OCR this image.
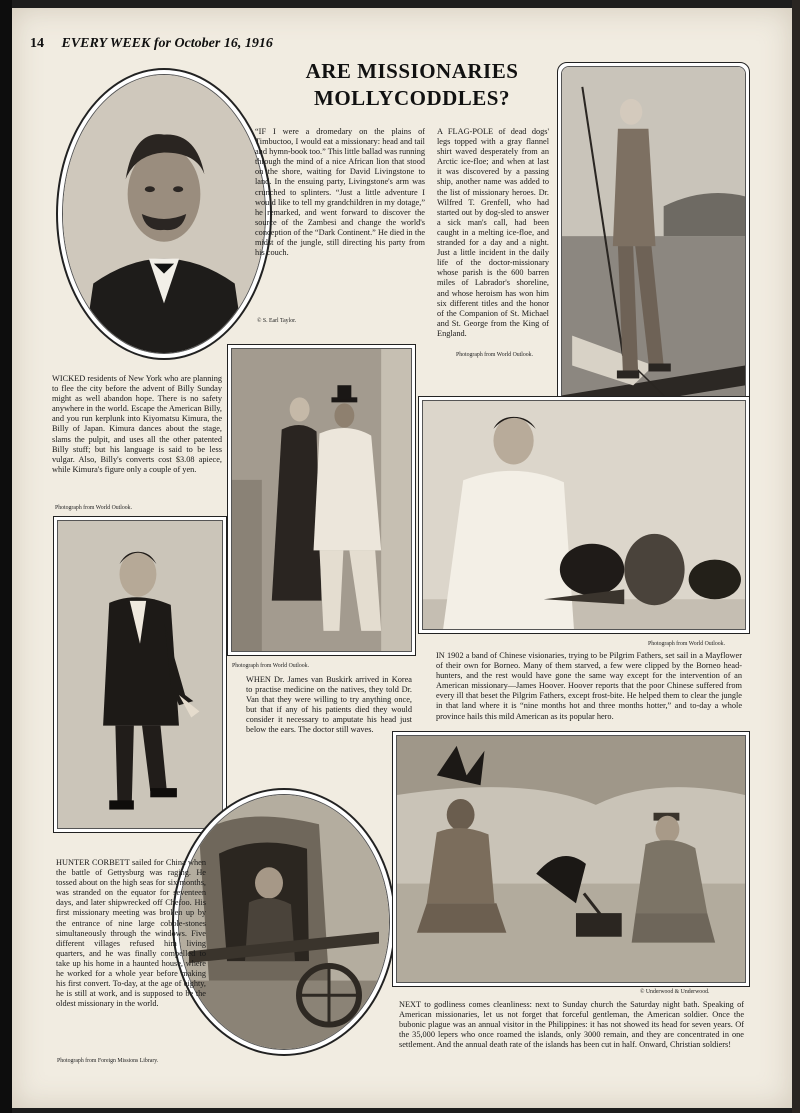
14 EVERY WEEK for October 16, 1916
ARE MISSIONARIES
MOLLYCODDLES?
“IF I were a dromedary on the plains of Timbuctoo, I would eat a missionary: head and tail and hymn-book too.” This little ballad was running through the mind of a nice African lion that stood on the shore, waiting for David Livingstone to land. In the ensuing party, Livingstone's arm was crunched to splinters. “Just a little adventure I would like to tell my grandchildren in my dotage,” he remarked, and went forward to discover the source of the Zambesi and change the world's conception of the “Dark Continent.” He died in the midst of the jungle, still directing his party from his couch.
© S. Earl Taylor.
A FLAG-POLE of dead dogs' legs topped with a gray flannel shirt waved desperately from an Arctic ice-floe; and when at last it was discovered by a passing ship, another name was added to the list of missionary heroes. Dr. Wilfred T. Grenfell, who had started out by dog-sled to answer a sick man's call, had been caught in a melting ice-floe, and stranded for a day and a night. Just a little incident in the daily life of the doctor-missionary whose parish is the 600 barren miles of Labrador's shoreline, and whose heroism has won him six different titles and the honor of the Companion of St. Michael and St. George from the King of England.
Photograph from World Outlook.
WICKED residents of New York who are planning to flee the city before the advent of Billy Sunday might as well abandon hope. There is no safety anywhere in the world. Escape the American Billy, and you run kerplunk into Kiyomatsu Kimura, the Billy of Japan. Kimura dances about the stage, slams the pulpit, and uses all the other patented Billy stuff; but his language is said to be less vulgar. Also, Billy's converts cost $3.08 apiece, while Kimura's figure only a couple of yen.
Photograph from World Outlook.
Photograph from World Outlook.
WHEN Dr. James van Buskirk arrived in Korea to practise medicine on the natives, they told Dr. Van that they were willing to try anything once, but that if any of his patients died they would consider it necessary to amputate his head just below the ears. The doctor still waves.
Photograph from World Outlook.
IN 1902 a band of Chinese visionaries, trying to be Pilgrim Fathers, set sail in a Mayflower of their own for Borneo. Many of them starved, a few were clipped by the Borneo head-hunters, and the rest would have gone the same way except for the intervention of an American missionary—James Hoover. Hoover reports that the poor Chinese suffered from every ill that beset the Pilgrim Fathers, except frost-bite. He helped them to clear the jungle in that land where it is “nine months hot and three months hotter,” and to-day a whole province hails this mild American as its popular hero.
HUNTER CORBETT sailed for China when the battle of Gettysburg was raging. He tossed about on the high seas for six months, was stranded on the equator for seventeen days, and later shipwrecked off Chefoo. His first missionary meeting was broken up by the entrance of nine large cobble-stones simultaneously through the windows. Five different villages refused him living quarters, and he was finally compelled to take up his home in a haunted house, where he worked for a whole year before making his first convert. To-day, at the age of eighty, he is still at work, and is supposed to be the oldest missionary in the world.
Photograph from Foreign Missions Library.
© Underwood & Underwood.
NEXT to godliness comes cleanliness: next to Sunday church the Saturday night bath. Speaking of American missionaries, let us not forget that forceful gentleman, the American soldier. Once the bubonic plague was an annual visitor in the Philippines: it has not showed its head for seven years. Of the 35,000 lepers who once roamed the islands, only 3000 remain, and they are concentrated in one settlement. And the annual death rate of the islands has been cut in half. Onward, Christian soldiers!
